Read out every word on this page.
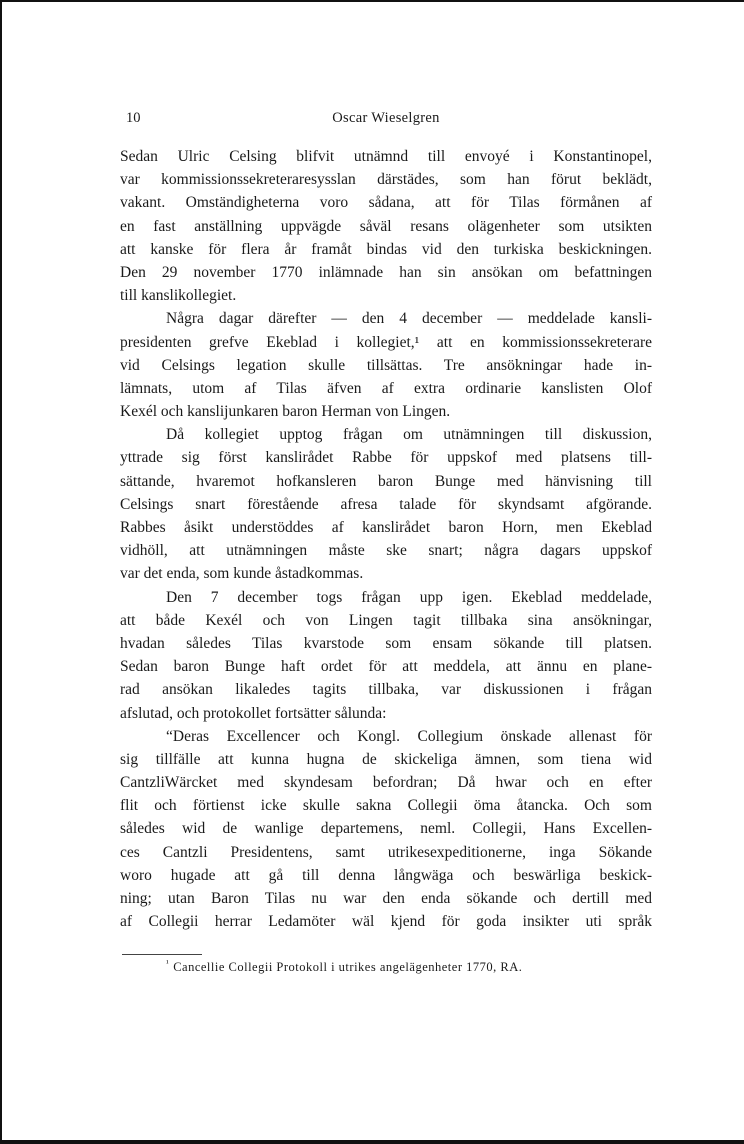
10	Oscar Wieselgren
Sedan Ulric Celsing blifvit utnämnd till envoyé i Konstantinopel,
var kommissionssekreteraresysslan därstädes, som han förut beklädt,
vakant. Omständigheterna voro sådana, att för Tilas förmånen af
en fast anställning uppvägde såväl resans olägenheter som utsikten
att kanske för flera år framåt bindas vid den turkiska beskickningen.
Den 29 november 1770 inlämnade han sin ansökan om befattningen
till kanslikollegiet.
Några dagar därefter — den 4 december — meddelade kansli-
presidenten grefve Ekeblad i kollegiet,¹ att en kommissionssekreterare
vid Celsings legation skulle tillsättas. Tre ansökningar hade in-
lämnats, utom af Tilas äfven af extra ordinarie kanslisten Olof
Kexél och kanslijunkaren baron Herman von Lingen.
Då kollegiet upptog frågan om utnämningen till diskussion,
yttrade sig först kanslirådet Rabbe för uppskof med platsens till-
sättande, hvaremot hofkansleren baron Bunge med hänvisning till
Celsings snart förestående afresa talade för skyndsamt afgörande.
Rabbes åsikt understöddes af kanslirådet baron Horn, men Ekeblad
vidhöll, att utnämningen måste ske snart; några dagars uppskof
var det enda, som kunde åstadkommas.
Den 7 december togs frågan upp igen. Ekeblad meddelade,
att både Kexél och von Lingen tagit tillbaka sina ansökningar,
hvadan således Tilas kvarstode som ensam sökande till platsen.
Sedan baron Bunge haft ordet för att meddela, att ännu en plane-
rad ansökan likaledes tagits tillbaka, var diskussionen i frågan
afslutad, och protokollet fortsätter sålunda:
“Deras Excellencer och Kongl. Collegium önskade allenast för
sig tillfälle att kunna hugna de skickeliga ämnen, som tiena wid
CantzliWärcket med skyndesam befordran; Då hwar och en efter
flit och förtienst icke skulle sakna Collegii öma åtancka. Och som
således wid de wanlige departemens, neml. Collegii, Hans Excellen-
ces Cantzli Presidentens, samt utrikesexpeditionerne, inga Sökande
woro hugade att gå till denna långwäga och beswärliga beskick-
ning; utan Baron Tilas nu war den enda sökande och dertill med
af Collegii herrar Ledamöter wäl kjend för goda insikter uti språk
$^{^1}$ Cancellie Collegii Protokoll i utrikes angelägenheter 1770, RA.
